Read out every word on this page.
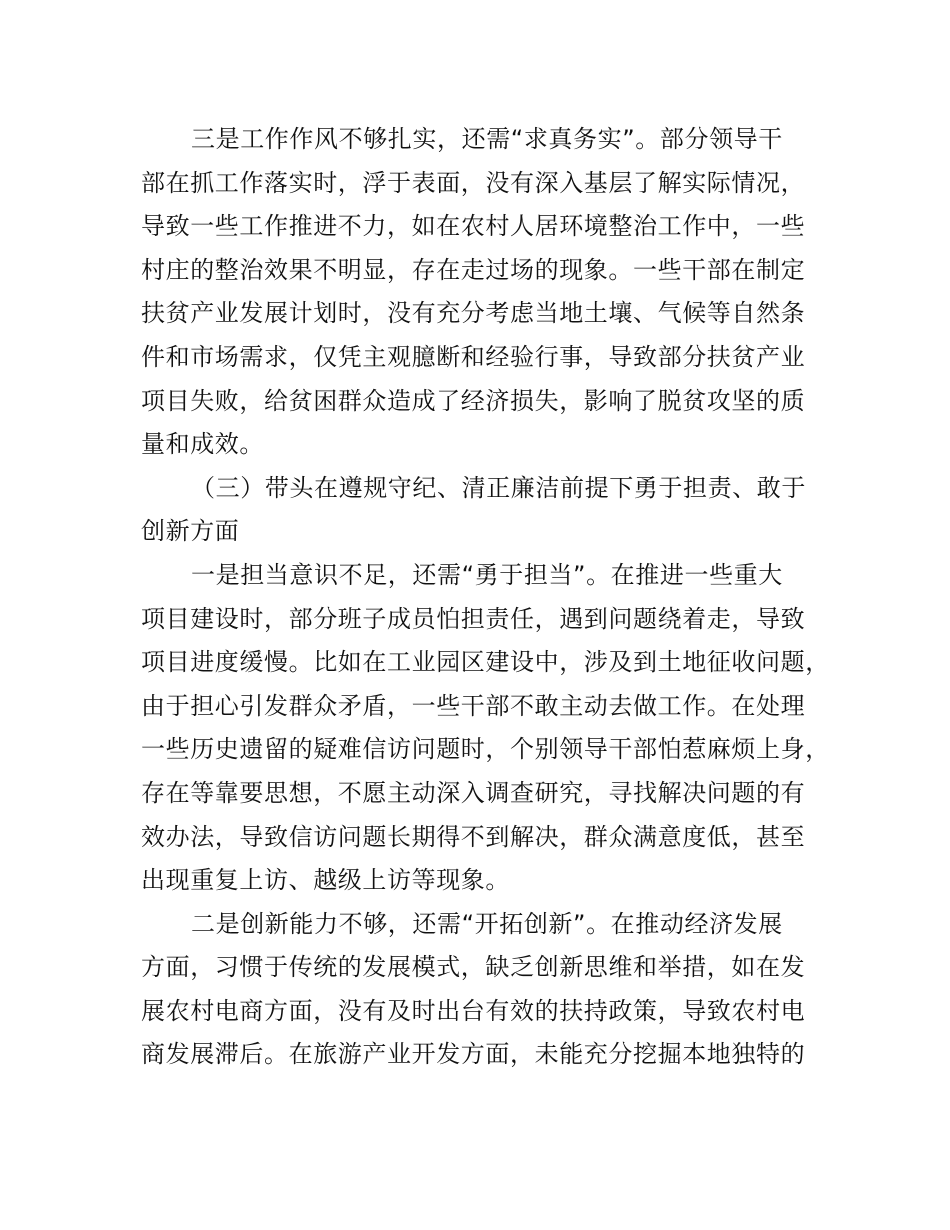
三是工作作风不够扎实，还需“求真务实”。部分领导干
部在抓工作落实时，浮于表面，没有深入基层了解实际情况，
导致一些工作推进不力，如在农村人居环境整治工作中，一些
村庄的整治效果不明显，存在走过场的现象。一些干部在制定
扶贫产业发展计划时，没有充分考虑当地土壤、气候等自然条
件和市场需求，仅凭主观臆断和经验行事，导致部分扶贫产业
项目失败，给贫困群众造成了经济损失，影响了脱贫攻坚的质
量和成效。
（三）带头在遵规守纪、清正廉洁前提下勇于担责、敢于
创新方面
一是担当意识不足，还需“勇于担当”。在推进一些重大
项目建设时，部分班子成员怕担责任，遇到问题绕着走，导致
项目进度缓慢。比如在工业园区建设中，涉及到土地征收问题，
由于担心引发群众矛盾，一些干部不敢主动去做工作。在处理
一些历史遗留的疑难信访问题时，个别领导干部怕惹麻烦上身，
存在等靠要思想，不愿主动深入调查研究，寻找解决问题的有
效办法，导致信访问题长期得不到解决，群众满意度低，甚至
出现重复上访、越级上访等现象。
二是创新能力不够，还需“开拓创新”。在推动经济发展
方面，习惯于传统的发展模式，缺乏创新思维和举措，如在发
展农村电商方面，没有及时出台有效的扶持政策，导致农村电
商发展滞后。在旅游产业开发方面，未能充分挖掘本地独特的
